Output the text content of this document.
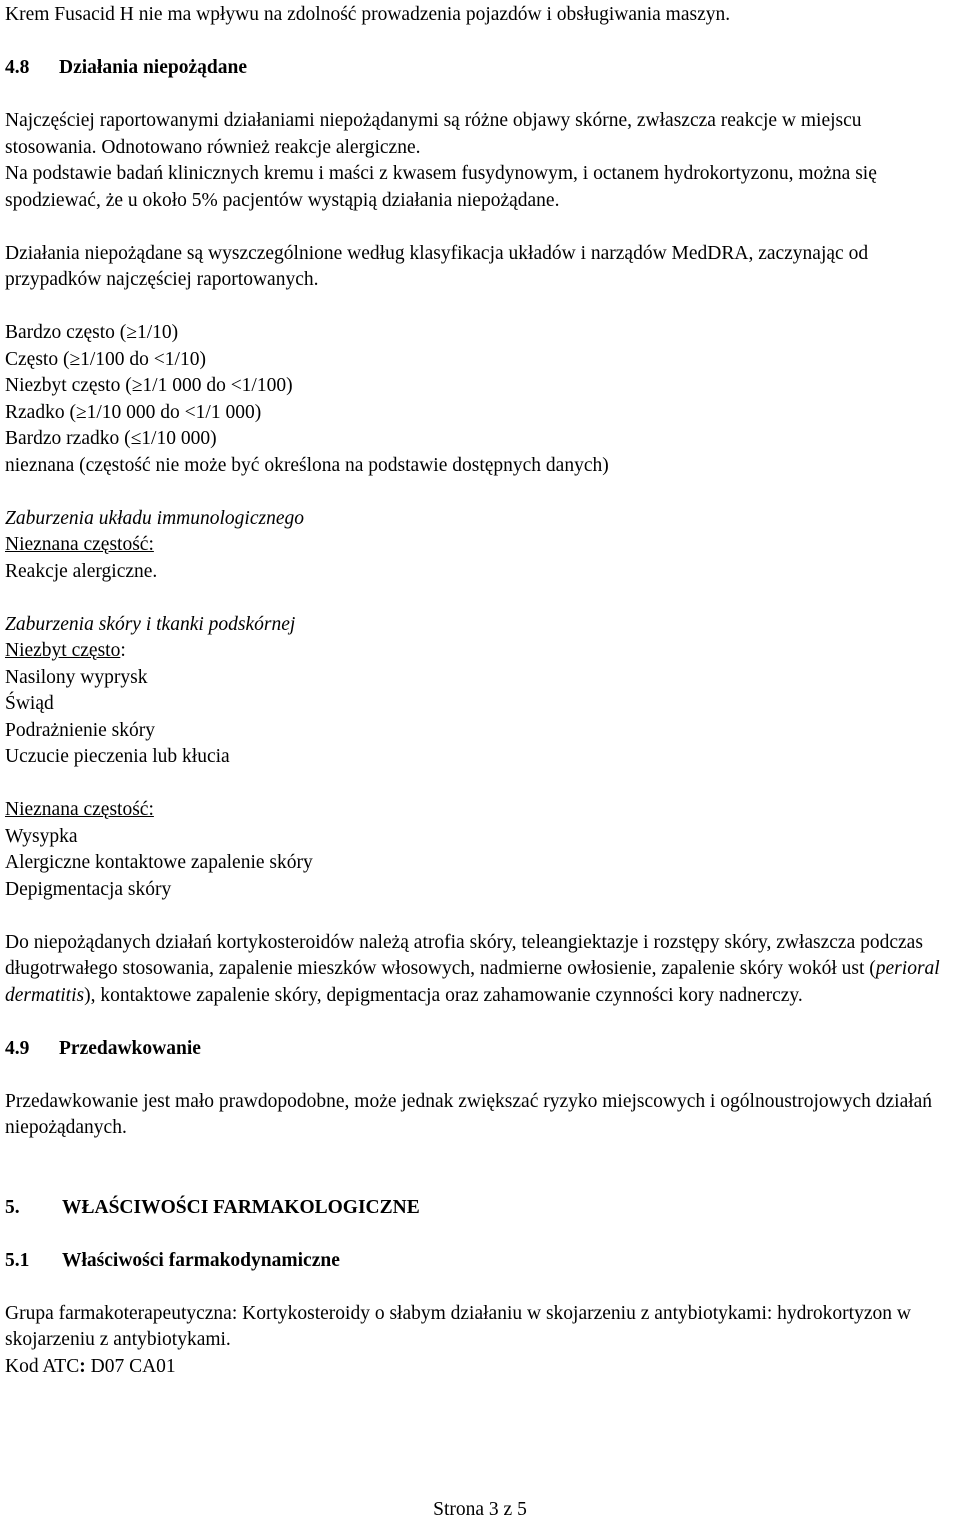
Krem Fusacid H nie ma wpływu na zdolność prowadzenia pojazdów i obsługiwania maszyn.

4.8 Działania niepożądane

Najczęściej raportowanymi działaniami niepożądanymi są różne objawy skórne, zwłaszcza reakcje w miejscu stosowania. Odnotowano również reakcje alergiczne.

Na podstawie badań klinicznych kremu i maści z kwasem fusydynowym, i octanem hydrokortyzonu, można się spodziewać, że u około 5% pacjentów wystąpią działania niepożądane.

Działania niepożądane są wyszczególnione według klasyfikacja układów i narządów MedDRA, zaczynając od przypadków najczęściej raportowanych.

Bardzo często (≥1/10)

Często (≥1/100 do <1/10)

Niezbyt często (≥1/1 000 do <1/100)

Rzadko (≥1/10 000 do <1/1 000)

Bardzo rzadko (≤1/10 000)

nieznana (częstość nie może być określona na podstawie dostępnych danych)

Zaburzenia układu immunologicznego

Nieznana częstość:

Reakcje alergiczne.

Zaburzenia skóry i tkanki podskórnej

Niezbyt często:

Nasilony wyprysk

Świąd

Podrażnienie skóry

Uczucie pieczenia lub kłucia

Nieznana częstość:

Wysypka

Alergiczne kontaktowe zapalenie skóry

Depigmentacja skóry

Do niepożądanych działań kortykosteroidów należą atrofia skóry, teleangiektazje i rozstępy skóry, zwłaszcza podczas długotrwałego stosowania, zapalenie mieszków włosowych, nadmierne owłosienie, zapalenie skóry wokół ust (perioral dermatitis), kontaktowe zapalenie skóry, depigmentacja oraz zahamowanie czynności kory nadnerczy.

4.9 Przedawkowanie

Przedawkowanie jest mało prawdopodobne, może jednak zwiększać ryzyko miejscowych i ogólnoustrojowych działań niepożądanych.

5. WŁAŚCIWOŚCI FARMAKOLOGICZNE

5.1 Właściwości farmakodynamiczne

Grupa farmakoterapeutyczna: Kortykosteroidy o słabym działaniu w skojarzeniu z antybiotykami: hydrokortyzon w skojarzeniu z antybiotykami.

Kod ATC: D07 CA01

Strona 3 z 5
